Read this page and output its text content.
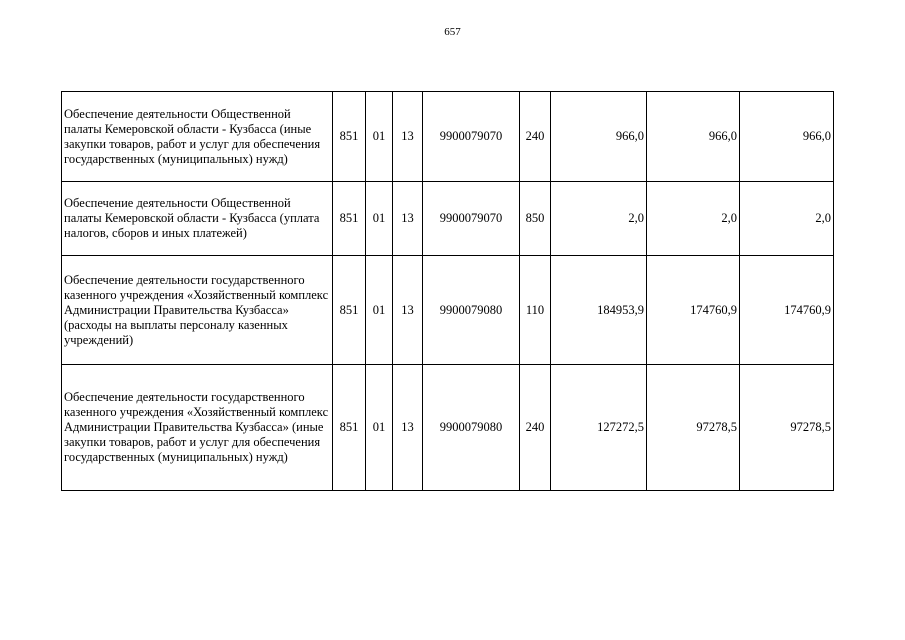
657
Обеспечение деятельности Общественной палаты Кемеровской области - Кузбасса (иные закупки товаров, работ и услуг для обеспечения государственных (муниципальных) нужд)	851	01	13	9900079070	240	966,0	966,0	966,0
Обеспечение деятельности Общественной палаты Кемеровской области - Кузбасса (уплата налогов, сборов и иных платежей)	851	01	13	9900079070	850	2,0	2,0	2,0
Обеспечение деятельности государственного казенного учреждения «Хозяйственный комплекс Администрации Правительства Кузбасса» (расходы на выплаты персоналу казенных учреждений)	851	01	13	9900079080	110	184953,9	174760,9	174760,9
Обеспечение деятельности государственного казенного учреждения «Хозяйственный комплекс Администрации Правительства Кузбасса» (иные закупки товаров, работ и услуг для обеспечения государственных (муниципальных) нужд)	851	01	13	9900079080	240	127272,5	97278,5	97278,5
